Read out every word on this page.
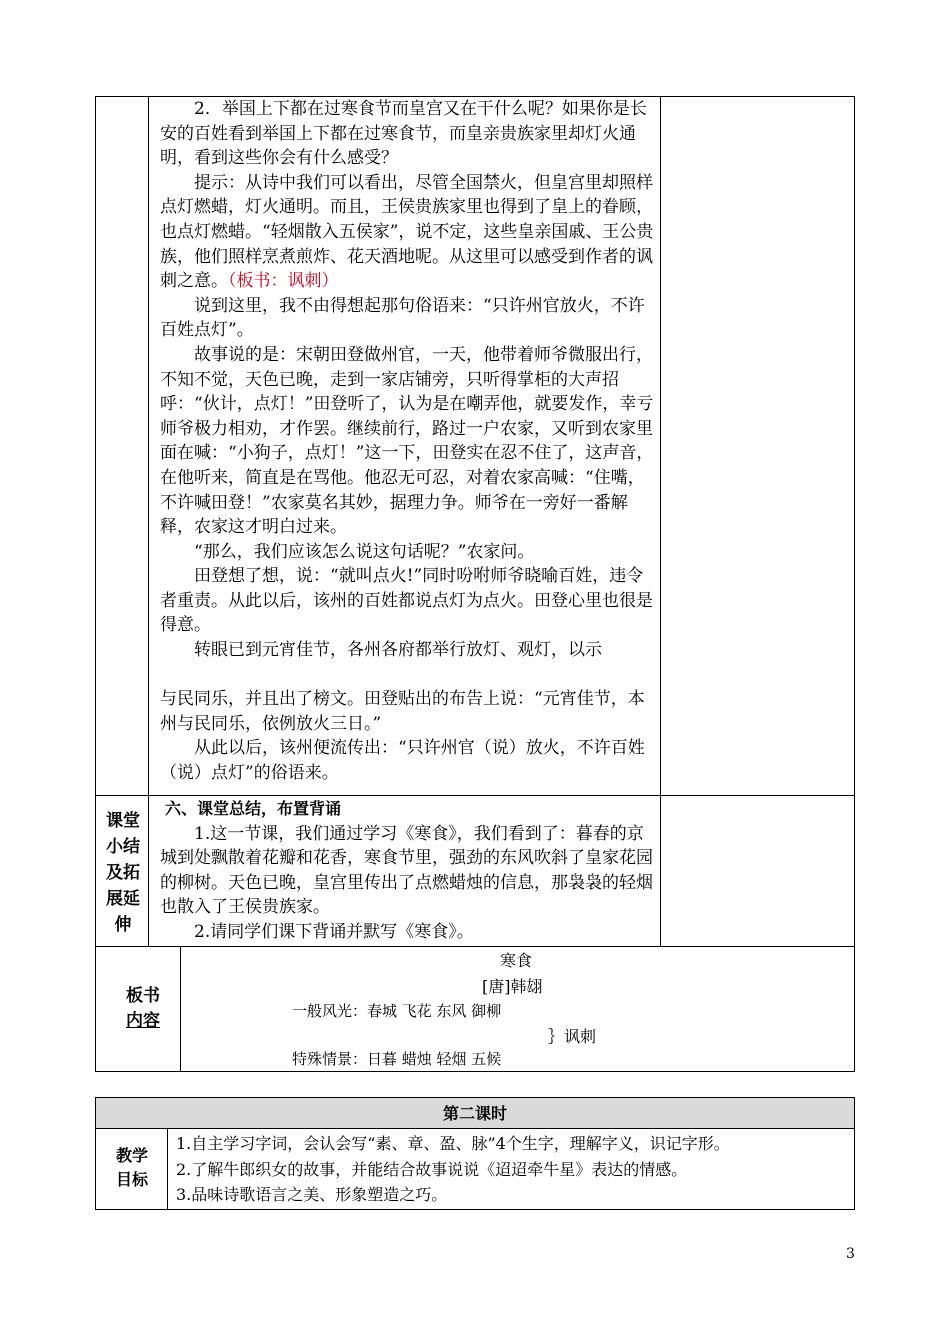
2．举国上下都在过寒食节而皇宫又在干什么呢？如果你是长安的百姓看到举国上下都在过寒食节，而皇亲贵族家里却灯火通明，看到这些你会有什么感受？

提示：从诗中我们可以看出，尽管全国禁火，但皇宫里却照样点灯燃蜡，灯火通明。而且，王侯贵族家里也得到了皇上的眷顾，也点灯燃蜡。“轻烟散入五侯家”，说不定，这些皇亲国戚、王公贵族，他们照样烹煮煎炸、花天酒地呢。从这里可以感受到作者的讽刺之意。（板书：讽刺）

说到这里，我不由得想起那句俗语来：“只许州官放火，不许百姓点灯”。

故事说的是：宋朝田登做州官，一天，他带着师爷微服出行，不知不觉，天色已晚，走到一家店铺旁，只听得掌柜的大声招呼：“伙计，点灯！”田登听了，认为是在嘲弄他，就要发作，幸亏师爷极力相劝，才作罢。继续前行，路过一户农家，又听到农家里面在喊：“小狗子，点灯！”这一下，田登实在忍不住了，这声音，在他听来，简直是在骂他。他忍无可忍，对着农家高喊：“住嘴，不许喊田登！”农家莫名其妙，据理力争。师爷在一旁好一番解释，农家这才明白过来。

“那么，我们应该怎么说这句话呢？”农家问。

田登想了想，说：“就叫点火!”同时吩咐师爷晓喻百姓，违令者重责。从此以后，该州的百姓都说点灯为点火。田登心里也很是得意。

转眼已到元宵佳节，各州各府都举行放灯、观灯，以示

与民同乐，并且出了榜文。田登贴出的布告上说：“元宵佳节，本州与民同乐，依例放火三日。”

从此以后，该州便流传出：“只许州官（说）放火，不许百姓（说）点灯”的俗语来。

课堂小结及拓展延伸

六、课堂总结，布置背诵

1.这一节课，我们通过学习《寒食》，我们看到了：暮春的京城到处飘散着花瓣和花香，寒食节里，强劲的东风吹斜了皇家花园的柳树。天色已晚，皇宫里传出了点燃蜡烛的信息，那袅袅的轻烟也散入了王侯贵族家。

2.请同学们课下背诵并默写《寒食》。

板书
内容
寒食
[唐]韩翃
一般风光：春城 飞花 东风 御柳
｝讽刺
特殊情景：日暮 蜡烛 轻烟 五候
第二课时
教学
目标
1.自主学习字词，会认会写“素、章、盈、脉”4个生字，理解字义，识记字形。
2.了解牛郎织女的故事，并能结合故事说说《迢迢牵牛星》表达的情感。
3.品味诗歌语言之美、形象塑造之巧。
3
